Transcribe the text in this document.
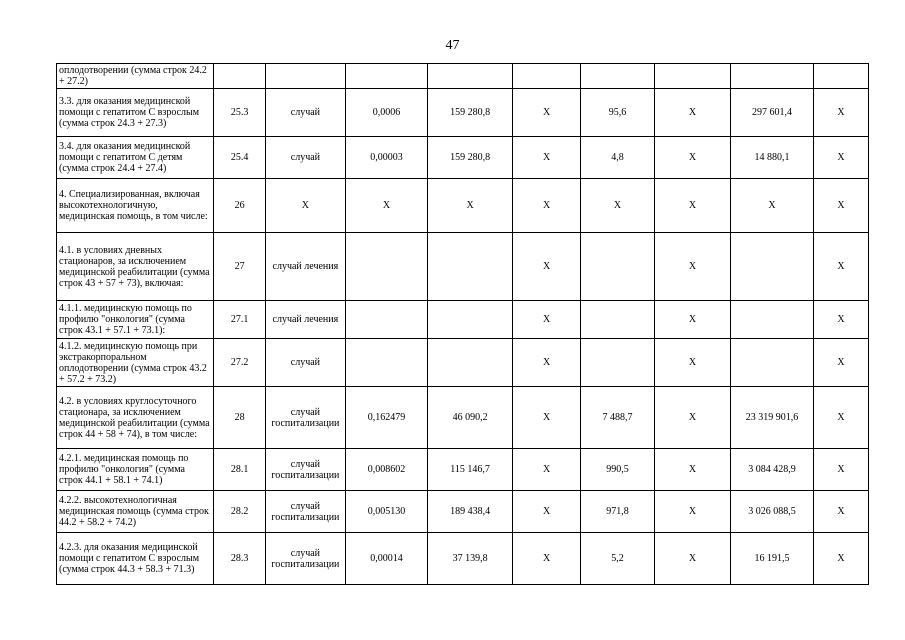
47
оплодотворении (сумма строк 24.2 + 27.2)									
3.3. для оказания медицинской помощи с гепатитом С взрослым (сумма строк 24.3 + 27.3)	25.3	случай	0,0006	159 280,8	X	95,6	X	297 601,4	X
3.4. для оказания медицинской помощи с гепатитом С детям (сумма строк 24.4 + 27.4)	25.4	случай	0,00003	159 280,8	X	4,8	X	14 880,1	X
4. Специализированная, включая высокотехнологичную, медицинская помощь, в том числе:	26	X	X	X	X	X	X	X	X
4.1. в условиях дневных стационаров, за исключением медицинской реабилитации (сумма строк 43 + 57 + 73), включая:	27	случай лечения			X		X		X
4.1.1. медицинскую помощь по профилю "онкология" (сумма строк 43.1 + 57.1 + 73.1):	27.1	случай лечения			X		X		X
4.1.2. медицинскую помощь при экстракорпоральном оплодотворении (сумма строк 43.2 + 57.2 + 73.2)	27.2	случай			X		X		X
4.2. в условиях круглосуточного стационара, за исключением медицинской реабилитации (сумма строк 44 + 58 + 74), в том числе:	28	случай госпитализации	0,162479	46 090,2	X	7 488,7	X	23 319 901,6	X
4.2.1. медицинская помощь по профилю "онкология" (сумма строк 44.1 + 58.1 + 74.1)	28.1	случай госпитализации	0,008602	115 146,7	X	990,5	X	3 084 428,9	X
4.2.2. высокотехнологичная медицинская помощь (сумма строк 44.2 + 58.2 + 74.2)	28.2	случай госпитализации	0,005130	189 438,4	X	971,8	X	3 026 088,5	X
4.2.3. для оказания медицинской помощи с гепатитом С взрослым (сумма строк 44.3 + 58.3 + 71.3)	28.3	случай госпитализации	0,00014	37 139,8	X	5,2	X	16 191,5	X
